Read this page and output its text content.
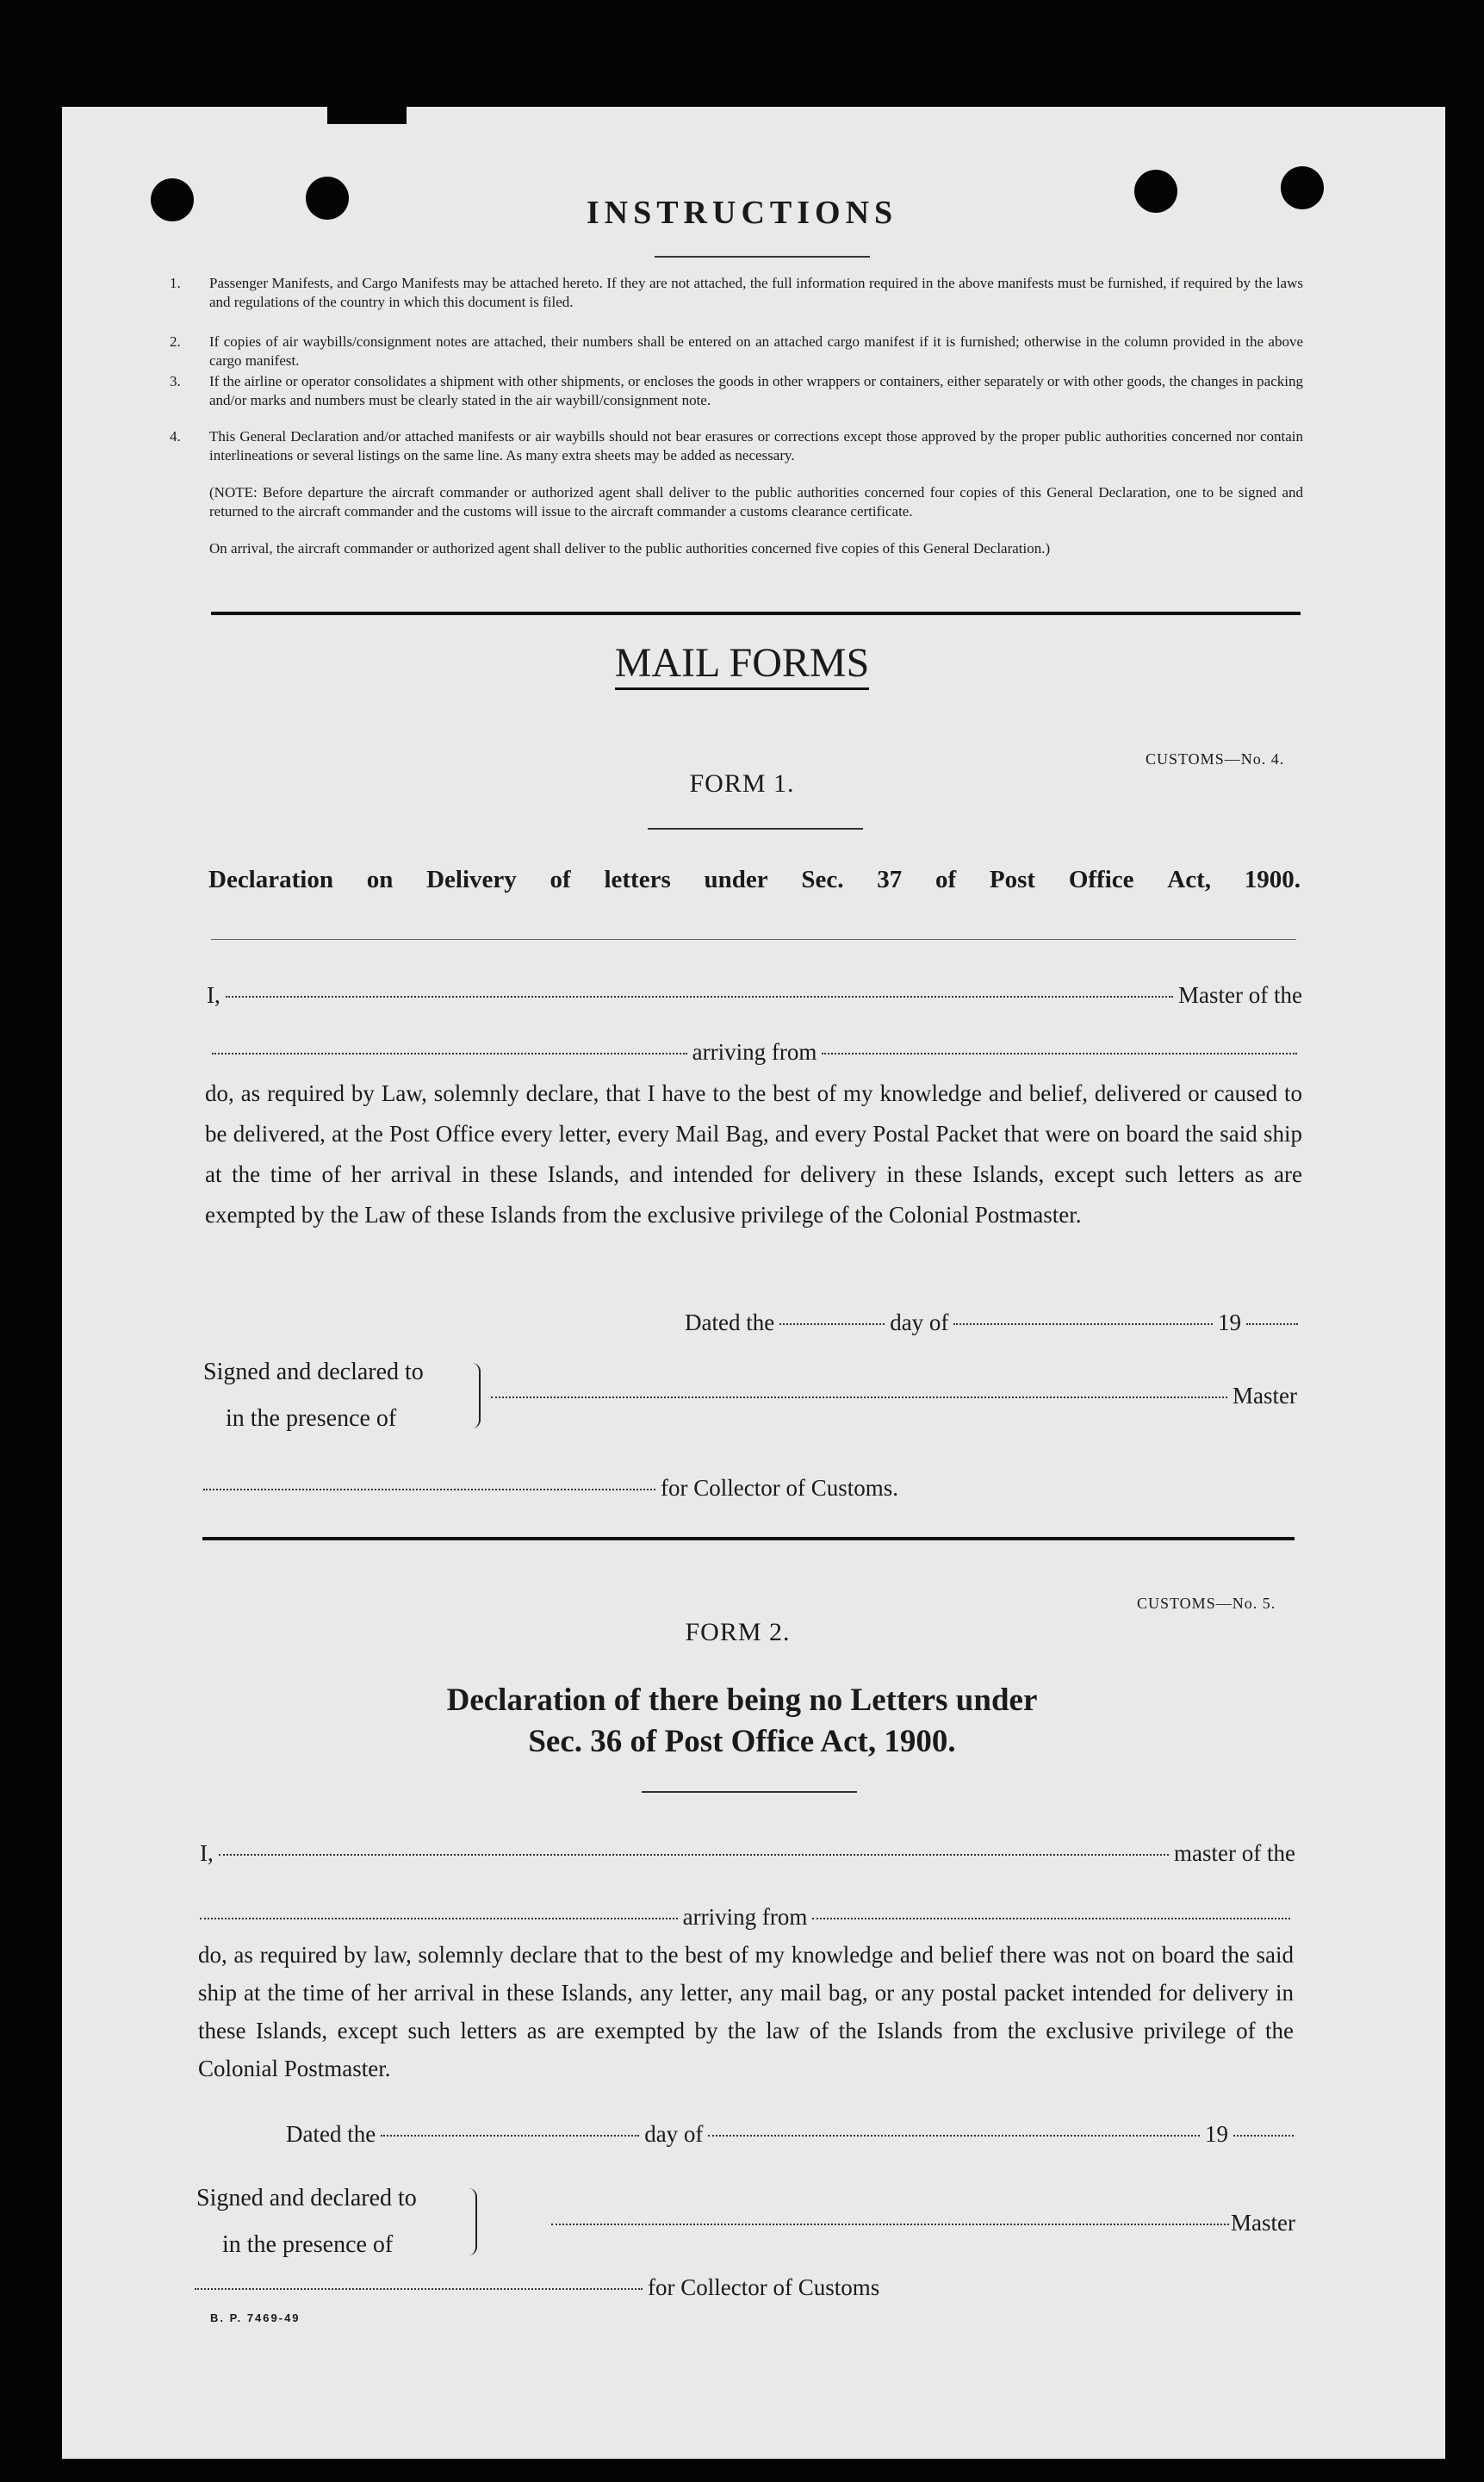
INSTRUCTIONS
1. Passenger Manifests, and Cargo Manifests may be attached hereto. If they are not attached, the full information required in the above manifests must be furnished, if required by the laws and regulations of the country in which this document is filed.
2. If copies of air waybills/consignment notes are attached, their numbers shall be entered on an attached cargo manifest if it is furnished; otherwise in the column provided in the above cargo manifest.
3. If the airline or operator consolidates a shipment with other shipments, or encloses the goods in other wrappers or containers, either separately or with other goods, the changes in packing and/or marks and numbers must be clearly stated in the air waybill/consignment note.
4. This General Declaration and/or attached manifests or air waybills should not bear erasures or corrections except those approved by the proper public authorities concerned nor contain interlineations or several listings on the same line. As many extra sheets may be added as necessary.

(NOTE: Before departure the aircraft commander or authorized agent shall deliver to the public authorities concerned four copies of this General Declaration, one to be signed and returned to the aircraft commander and the customs will issue to the aircraft commander a customs clearance certificate.
On arrival, the aircraft commander or authorized agent shall deliver to the public authorities concerned five copies of this General Declaration.)
MAIL FORMS
CUSTOMS—No. 4.
FORM 1.
Declaration on Delivery of letters under Sec. 37 of Post Office Act, 1900.
I,	Master of the
arriving from
do, as required by Law, solemnly declare, that I have to the best of my knowledge and belief, delivered or caused to be delivered, at the Post Office every letter, every Mail Bag, and every Postal Packet that were on board the said ship at the time of her arrival in these Islands, and intended for delivery in these Islands, except such letters as are exempted by the Law of these Islands from the exclusive privilege of the Colonial Postmaster.
Dated the	day of	19
Signed and declared to
in the presence of
Master
for Collector of Customs.
CUSTOMS—No. 5.
FORM 2.
Declaration of there being no Letters under
Sec. 36 of Post Office Act, 1900.
I,	master of the
arriving from
do, as required by law, solemnly declare that to the best of my knowledge and belief there was not on board the said ship at the time of her arrival in these Islands, any letter, any mail bag, or any postal packet intended for delivery in these Islands, except such letters as are exempted by the law of the Islands from the exclusive privilege of the Colonial Postmaster.
Dated the	day of	19
Signed and declared to
in the presence of
Master
for Collector of Customs
B. P. 7469-49
